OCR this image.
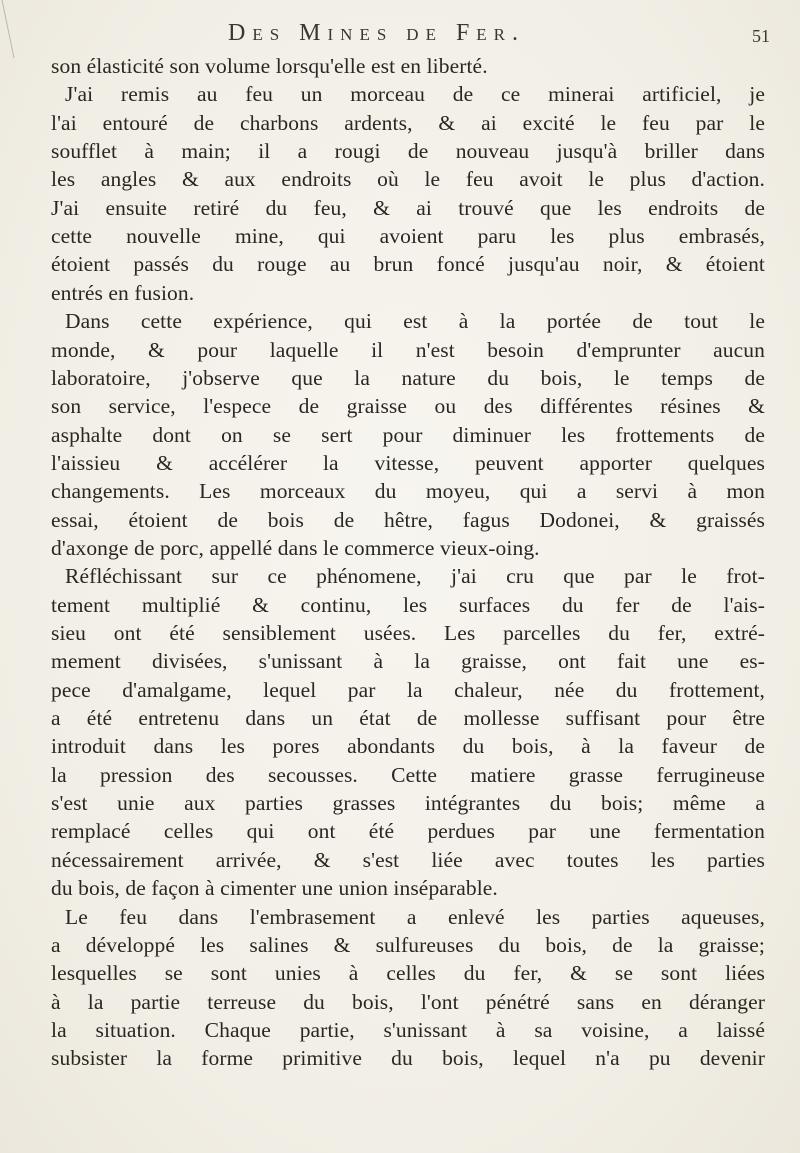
Des Mines de Fer.	51
son élasticité son volume lorsqu'elle est en liberté.
J'ai remis au feu un morceau de ce minerai artificiel, je
l'ai entouré de charbons ardents, & ai excité le feu par le
soufflet à main; il a rougi de nouveau jusqu'à briller dans
les angles & aux endroits où le feu avoit le plus d'action.
J'ai ensuite retiré du feu, & ai trouvé que les endroits de
cette nouvelle mine, qui avoient paru les plus embrasés,
étoient passés du rouge au brun foncé jusqu'au noir, & étoient
entrés en fusion.
Dans cette expérience, qui est à la portée de tout le
monde, & pour laquelle il n'est besoin d'emprunter aucun
laboratoire, j'observe que la nature du bois, le temps de
son service, l'espece de graisse ou des différentes résines &
asphalte dont on se sert pour diminuer les frottements de
l'aissieu & accélérer la vitesse, peuvent apporter quelques
changements. Les morceaux du moyeu, qui a servi à mon
essai, étoient de bois de hêtre, fagus Dodonei, & graissés
d'axonge de porc, appellé dans le commerce vieux-oing.
Réfléchissant sur ce phénomene, j'ai cru que par le frot-
tement multiplié & continu, les surfaces du fer de l'ais-
sieu ont été sensiblement usées. Les parcelles du fer, extré-
mement divisées, s'unissant à la graisse, ont fait une es-
pece d'amalgame, lequel par la chaleur, née du frottement,
a été entretenu dans un état de mollesse suffisant pour être
introduit dans les pores abondants du bois, à la faveur de
la pression des secousses. Cette matiere grasse ferrugineuse
s'est unie aux parties grasses intégrantes du bois; même a
remplacé celles qui ont été perdues par une fermentation
nécessairement arrivée, & s'est liée avec toutes les parties
du bois, de façon à cimenter une union inséparable.
Le feu dans l'embrasement a enlevé les parties aqueuses,
a développé les salines & sulfureuses du bois, de la graisse;
lesquelles se sont unies à celles du fer, & se sont liées
à la partie terreuse du bois, l'ont pénétré sans en déranger
la situation. Chaque partie, s'unissant à sa voisine, a laissé
subsister la forme primitive du bois, lequel n'a pu devenir
